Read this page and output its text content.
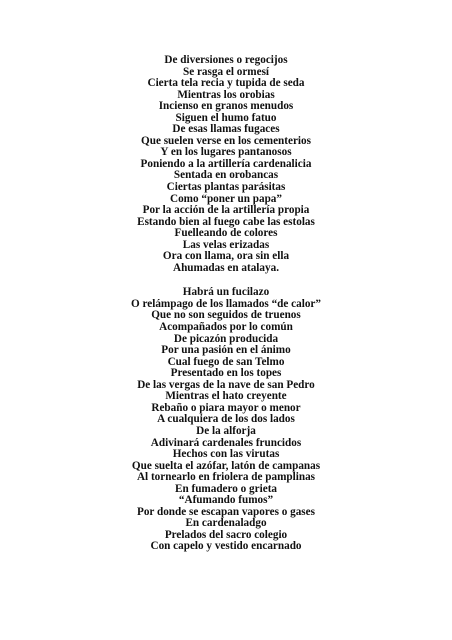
De diversiones o regocijos
Se rasga el ormesí
Cierta tela recia y tupida de seda
Mientras los orobias
Incienso en granos menudos
Siguen el humo fatuo
De esas llamas fugaces
Que suelen verse en los cementerios
Y en los lugares pantanosos
Poniendo a la artillería cardenalicia
Sentada en orobancas
Ciertas plantas parásitas
Como “poner un papa”
Por la acción de la artillería propia
Estando bien al fuego cabe las estolas
Fuelleando de colores
Las velas erizadas
Ora con llama, ora sin ella
Ahumadas en atalaya.
Habrá un fucilazo
O relámpago de los llamados “de calor”
Que no son seguidos de truenos
Acompañados por lo común
De picazón producida
Por una pasión en el ánimo
Cual fuego de san Telmo
Presentado en los topes
De las vergas de la nave de san Pedro
Mientras el hato creyente
Rebaño o piara mayor o menor
A cualquiera de los dos lados
De la alforja
Adivinará cardenales fruncidos
Hechos con las virutas
Que suelta el azófar, latón de campanas
Al tornearlo en friolera de pamplinas
En fumadero o grieta
“Afumando fumos”
Por donde se escapan vapores o gases
En cardenaladgo
Prelados del sacro colegio
Con capelo y vestido encarnado
